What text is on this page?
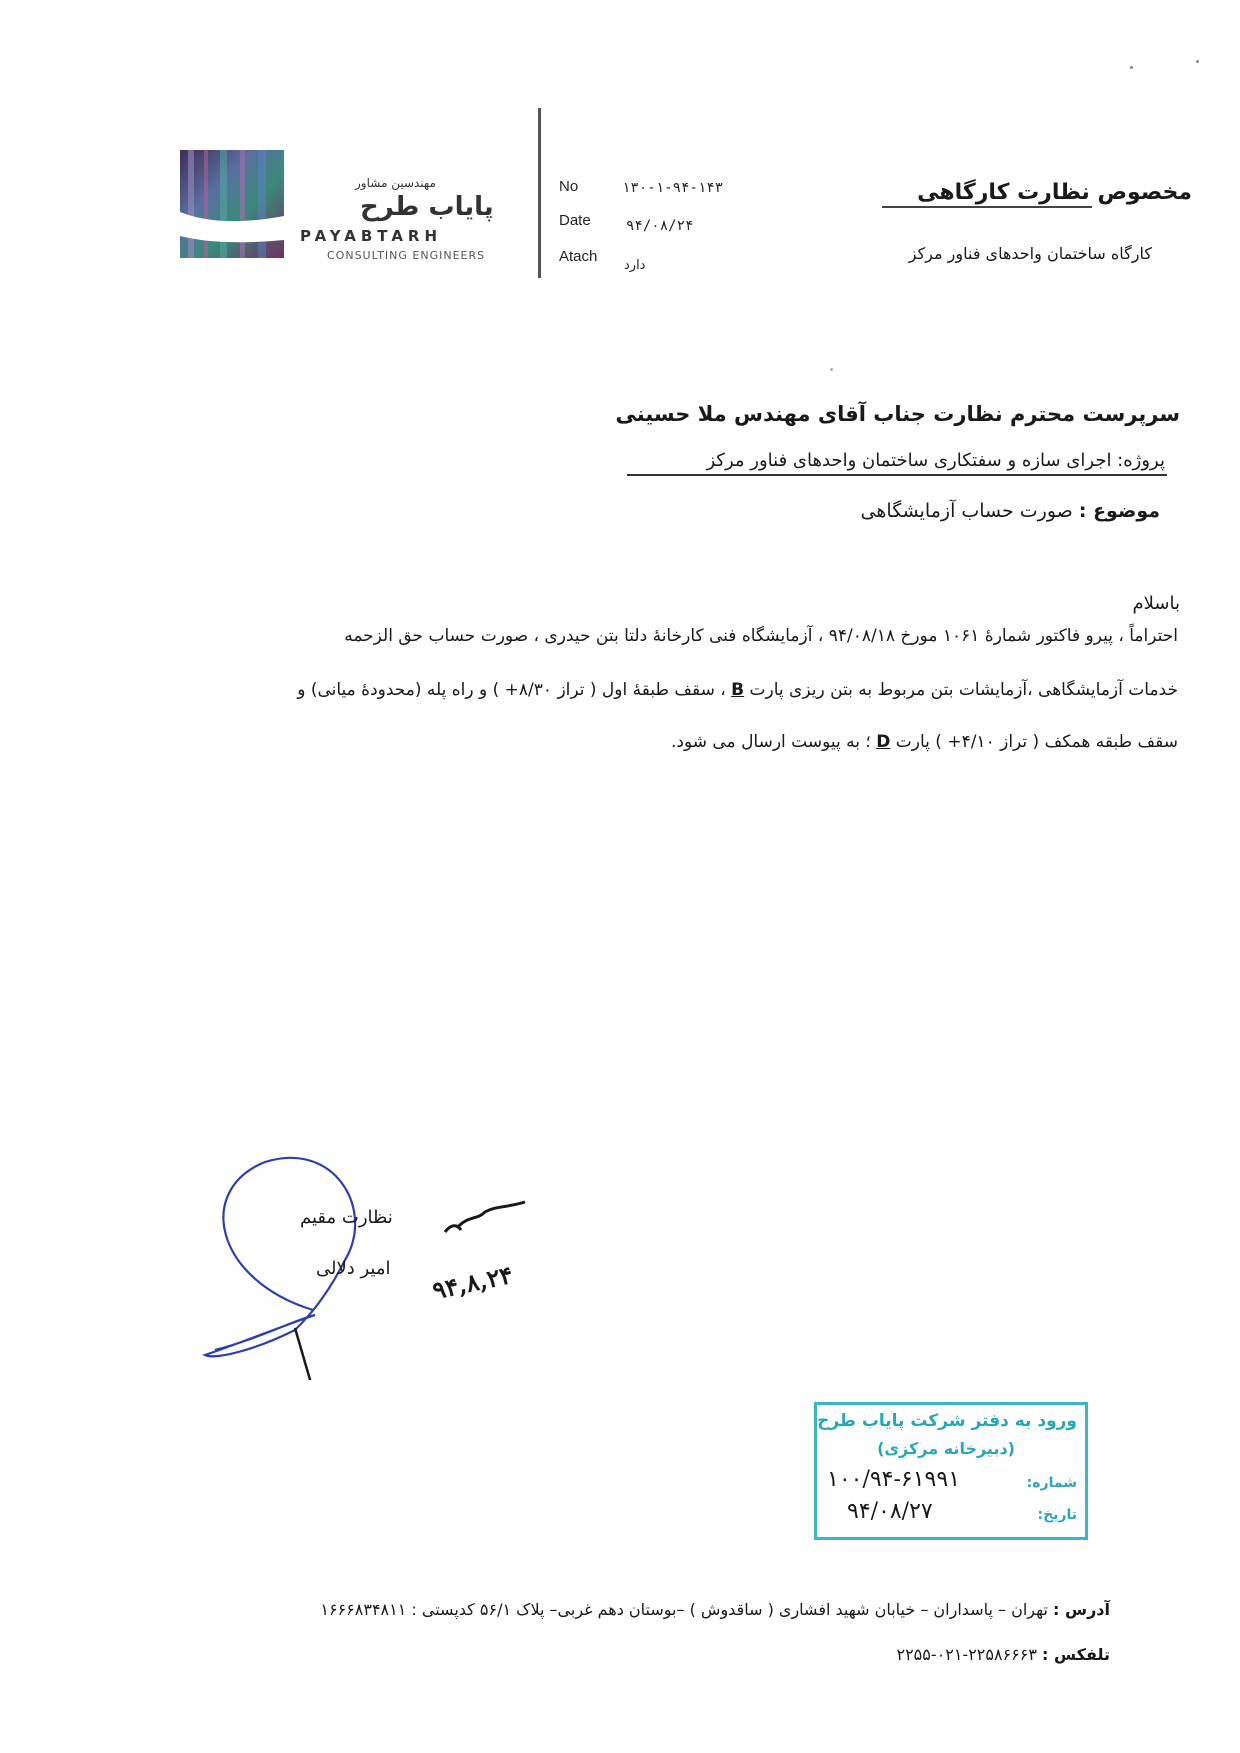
مهندسین مشاور
پایاب طرح
PAYABTARH
CONSULTING ENGINEERS
No	۱۳۰-۱-۹۴-۱۴۳
Date	۹۴/۰۸/۲۴
Atach
دارد
مخصوص نظارت کارگاهی
کارگاه ساختمان واحدهای فناور مرکز
سرپرست محترم نظارت جناب آقای مهندس ملا حسینی
پروژه: اجرای سازه و سفتکاری ساختمان واحدهای فناور مرکز
موضوع : صورت حساب آزمایشگاهی
باسلام
احتراماً ، پیرو فاکتور شمارهٔ ۱۰۶۱ مورخ ۹۴/۰۸/۱۸ ، آزمایشگاه فنی کارخانهٔ دلتا بتن حیدری ، صورت حساب حق الزحمه
خدمات آزمایشگاهی ،آزمایشات بتن مربوط به بتن ریزی پارت B ، سقف طبقهٔ اول ( تراز ۸/۳۰+ ) و راه پله (محدودهٔ میانی) و
سقف طبقه همکف ( تراز ۴/۱۰+ ) پارت D ؛ به پیوست ارسال می شود.
نظارت مقیم
امیر دلالی ۹۴,۸,۲۴
ورود به دفتر شرکت پایاب طرح
(دبیرخانه مرکزی)
شماره:
۱۰۰/۹۴-۶۱۹۹۱
تاریخ:
۹۴/۰۸/۲۷
آدرس : تهران – پاسداران – خیابان شهید افشاری ( ساقدوش ) –بوستان دهم غربی– پلاک ۵۶/۱ کدپستی : ۱۶۶۶۸۳۴۸۱۱
تلفکس : ۲۲۵۸۶۶۶۳-۰۲۱-۲۲۵۵
